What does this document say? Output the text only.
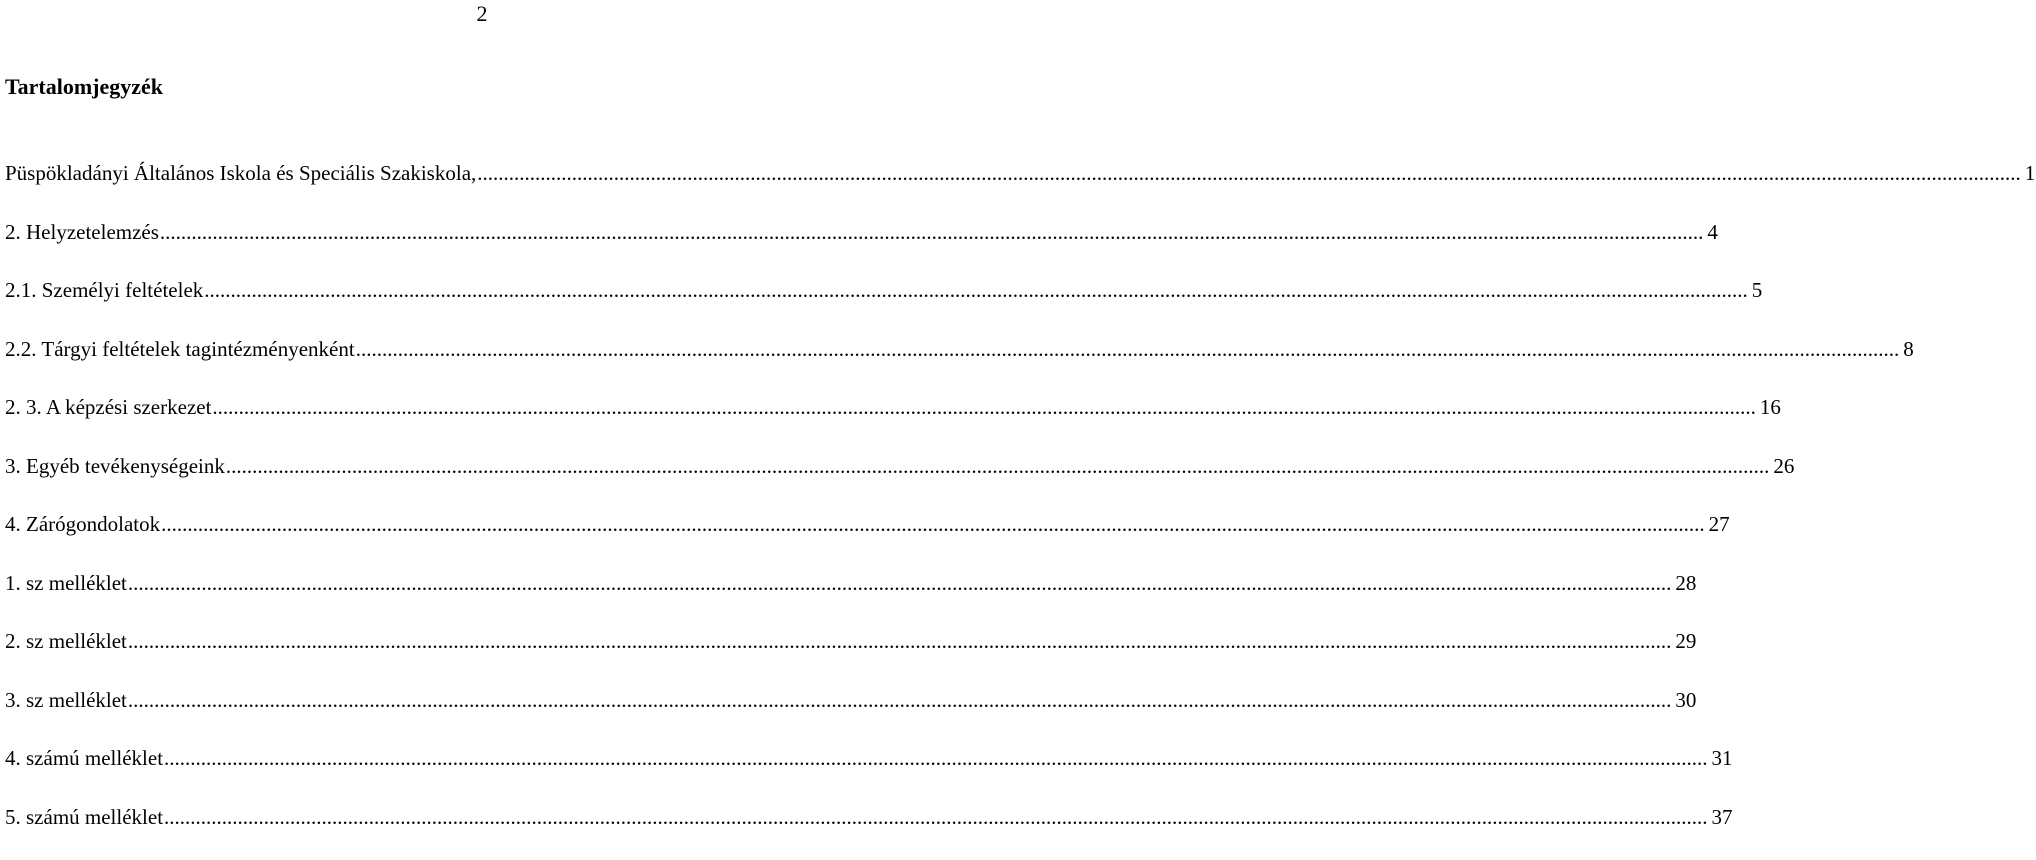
2
Tartalomjegyzék
Püspökladányi Általános Iskola és Speciális Szakiskola, .....	1
2. Helyzetelemzés .....	4
2.1. Személyi feltételek .....	5
2.2. Tárgyi feltételek tagintézményenként .....	8
2. 3. A képzési szerkezet .....	16
3. Egyéb tevékenységeink .....	26
4. Zárógondolatok .....	27
1. sz melléklet .....	28
2. sz melléklet .....	29
3. sz melléklet .....	30
4. számú melléklet .....	31
5. számú melléklet .....	37
